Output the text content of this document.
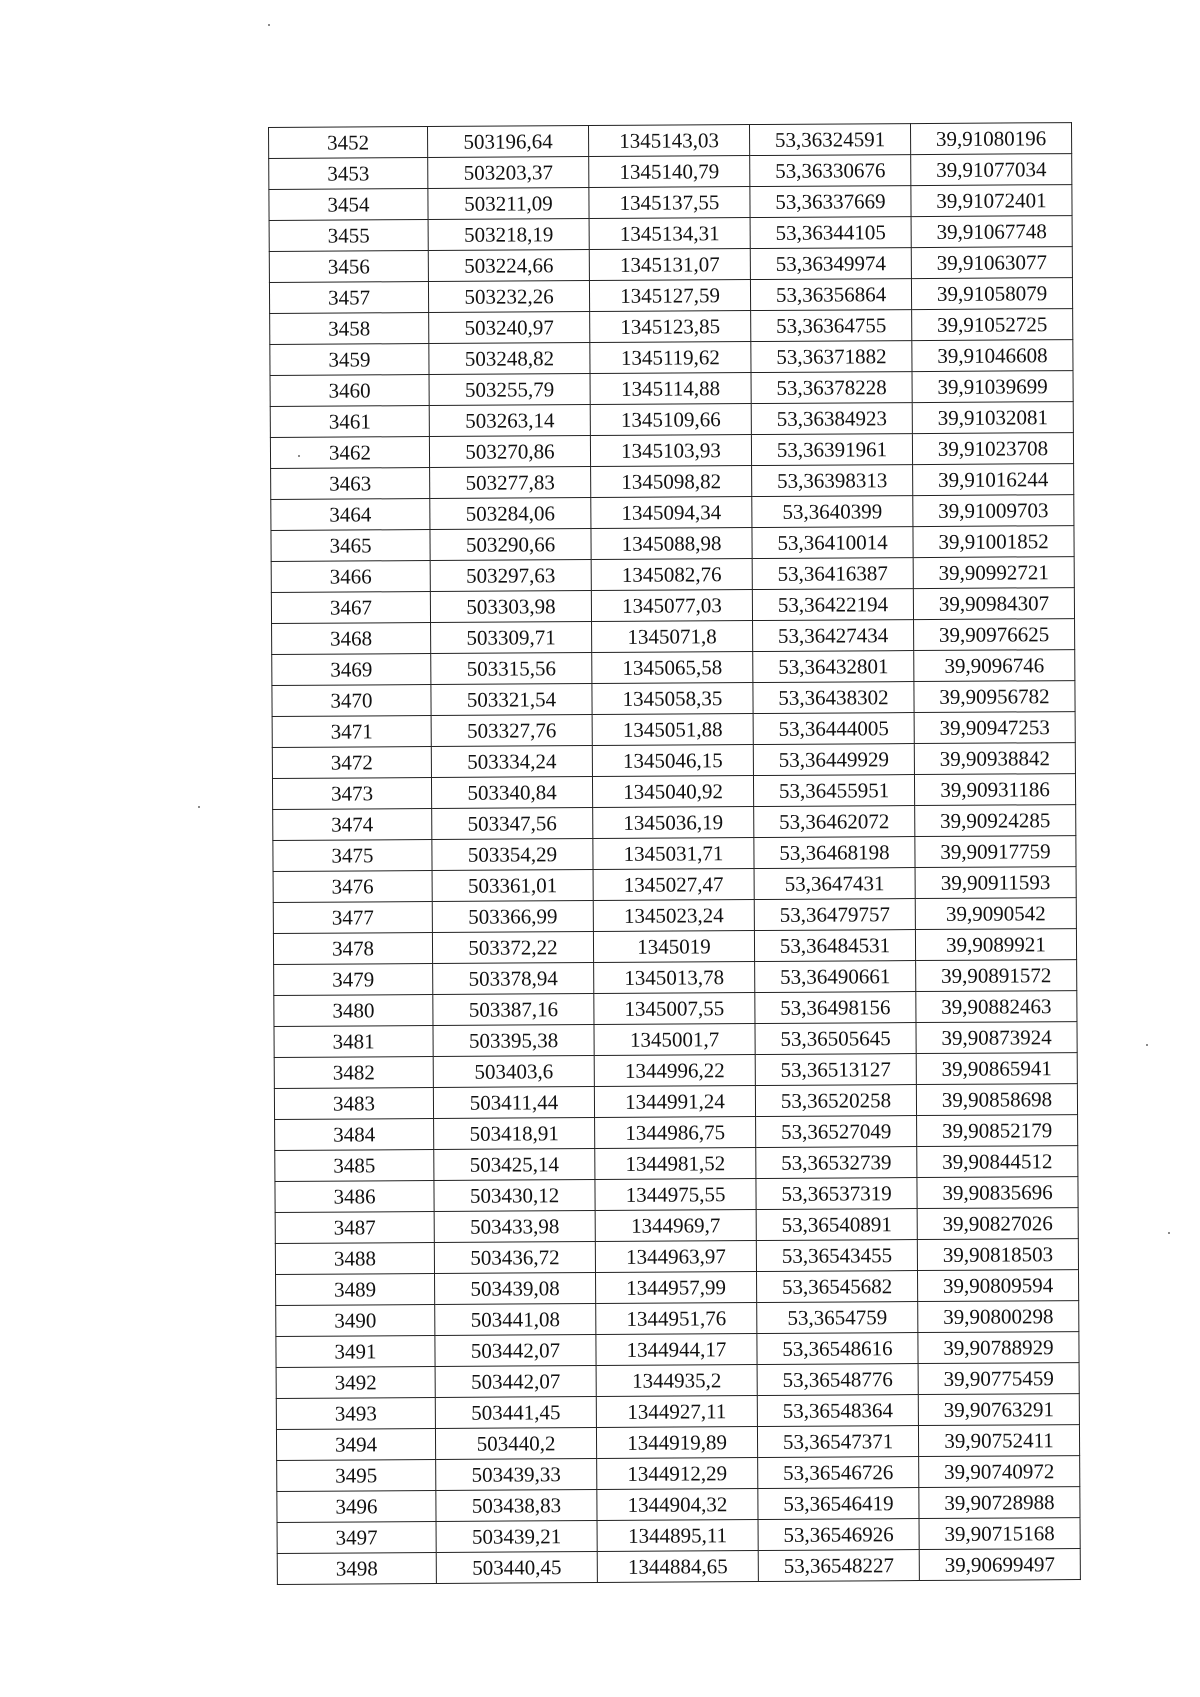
3452	503196,64	1345143,03	53,36324591	39,91080196
3453	503203,37	1345140,79	53,36330676	39,91077034
3454	503211,09	1345137,55	53,36337669	39,91072401
3455	503218,19	1345134,31	53,36344105	39,91067748
3456	503224,66	1345131,07	53,36349974	39,91063077
3457	503232,26	1345127,59	53,36356864	39,91058079
3458	503240,97	1345123,85	53,36364755	39,91052725
3459	503248,82	1345119,62	53,36371882	39,91046608
3460	503255,79	1345114,88	53,36378228	39,91039699
3461	503263,14	1345109,66	53,36384923	39,91032081
3462	503270,86	1345103,93	53,36391961	39,91023708
3463	503277,83	1345098,82	53,36398313	39,91016244
3464	503284,06	1345094,34	53,3640399	39,91009703
3465	503290,66	1345088,98	53,36410014	39,91001852
3466	503297,63	1345082,76	53,36416387	39,90992721
3467	503303,98	1345077,03	53,36422194	39,90984307
3468	503309,71	1345071,8	53,36427434	39,90976625
3469	503315,56	1345065,58	53,36432801	39,9096746
3470	503321,54	1345058,35	53,36438302	39,90956782
3471	503327,76	1345051,88	53,36444005	39,90947253
3472	503334,24	1345046,15	53,36449929	39,90938842
3473	503340,84	1345040,92	53,36455951	39,90931186
3474	503347,56	1345036,19	53,36462072	39,90924285
3475	503354,29	1345031,71	53,36468198	39,90917759
3476	503361,01	1345027,47	53,3647431	39,90911593
3477	503366,99	1345023,24	53,36479757	39,9090542
3478	503372,22	1345019	53,36484531	39,9089921
3479	503378,94	1345013,78	53,36490661	39,90891572
3480	503387,16	1345007,55	53,36498156	39,90882463
3481	503395,38	1345001,7	53,36505645	39,90873924
3482	503403,6	1344996,22	53,36513127	39,90865941
3483	503411,44	1344991,24	53,36520258	39,90858698
3484	503418,91	1344986,75	53,36527049	39,90852179
3485	503425,14	1344981,52	53,36532739	39,90844512
3486	503430,12	1344975,55	53,36537319	39,90835696
3487	503433,98	1344969,7	53,36540891	39,90827026
3488	503436,72	1344963,97	53,36543455	39,90818503
3489	503439,08	1344957,99	53,36545682	39,90809594
3490	503441,08	1344951,76	53,3654759	39,90800298
3491	503442,07	1344944,17	53,36548616	39,90788929
3492	503442,07	1344935,2	53,36548776	39,90775459
3493	503441,45	1344927,11	53,36548364	39,90763291
3494	503440,2	1344919,89	53,36547371	39,90752411
3495	503439,33	1344912,29	53,36546726	39,90740972
3496	503438,83	1344904,32	53,36546419	39,90728988
3497	503439,21	1344895,11	53,36546926	39,90715168
3498	503440,45	1344884,65	53,36548227	39,90699497
